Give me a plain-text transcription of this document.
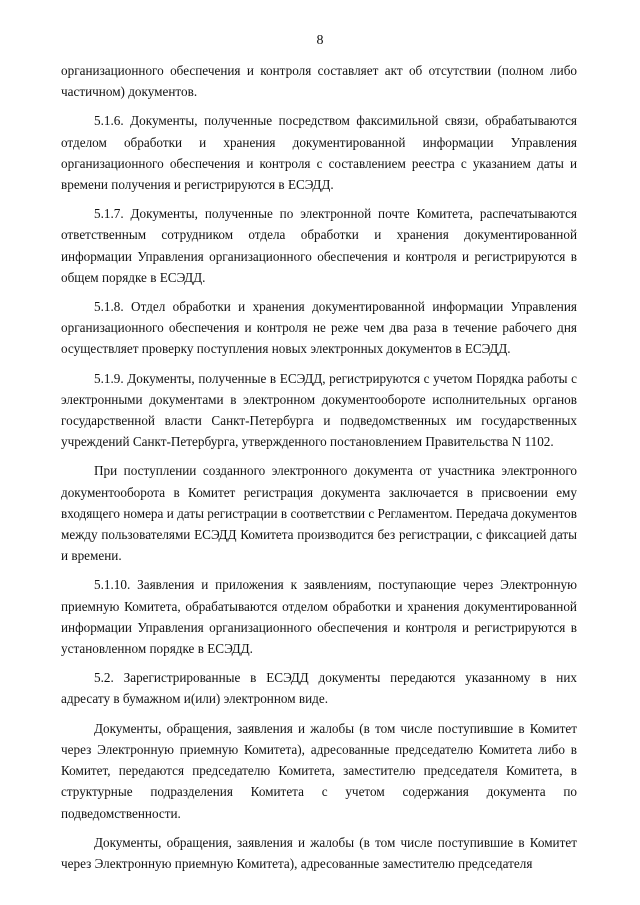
8

организационного обеспечения и контроля составляет акт об отсутствии (полном либо частичном) документов.

5.1.6. Документы, полученные посредством факсимильной связи, обрабатываются отделом обработки и хранения документированной информации Управления организационного обеспечения и контроля с составлением реестра с указанием даты и времени получения и регистрируются в ЕСЭДД.

5.1.7. Документы, полученные по электронной почте Комитета, распечатываются ответственным сотрудником отдела обработки и хранения документированной информации Управления организационного обеспечения и контроля и регистрируются в общем порядке в ЕСЭДД.

5.1.8. Отдел обработки и хранения документированной информации Управления организационного обеспечения и контроля не реже чем два раза в течение рабочего дня осуществляет проверку поступления новых электронных документов в ЕСЭДД.

5.1.9. Документы, полученные в ЕСЭДД, регистрируются с учетом Порядка работы с электронными документами в электронном документообороте исполнительных органов государственной власти Санкт-Петербурга и подведомственных им государственных учреждений Санкт-Петербурга, утвержденного постановлением Правительства N 1102.

При поступлении созданного электронного документа от участника электронного документооборота в Комитет регистрация документа заключается в присвоении ему входящего номера и даты регистрации в соответствии с Регламентом. Передача документов между пользователями ЕСЭДД Комитета производится без регистрации, с фиксацией даты и времени.

5.1.10. Заявления и приложения к заявлениям, поступающие через Электронную приемную Комитета, обрабатываются отделом обработки и хранения документированной информации Управления организационного обеспечения и контроля и регистрируются в установленном порядке в ЕСЭДД.

5.2. Зарегистрированные в ЕСЭДД документы передаются указанному в них адресату в бумажном и(или) электронном виде.

Документы, обращения, заявления и жалобы (в том числе поступившие в Комитет через Электронную приемную Комитета), адресованные председателю Комитета либо в Комитет, передаются председателю Комитета, заместителю председателя Комитета, в структурные подразделения Комитета с учетом содержания документа по подведомственности.

Документы, обращения, заявления и жалобы (в том числе поступившие в Комитет через Электронную приемную Комитета), адресованные заместителю председателя
